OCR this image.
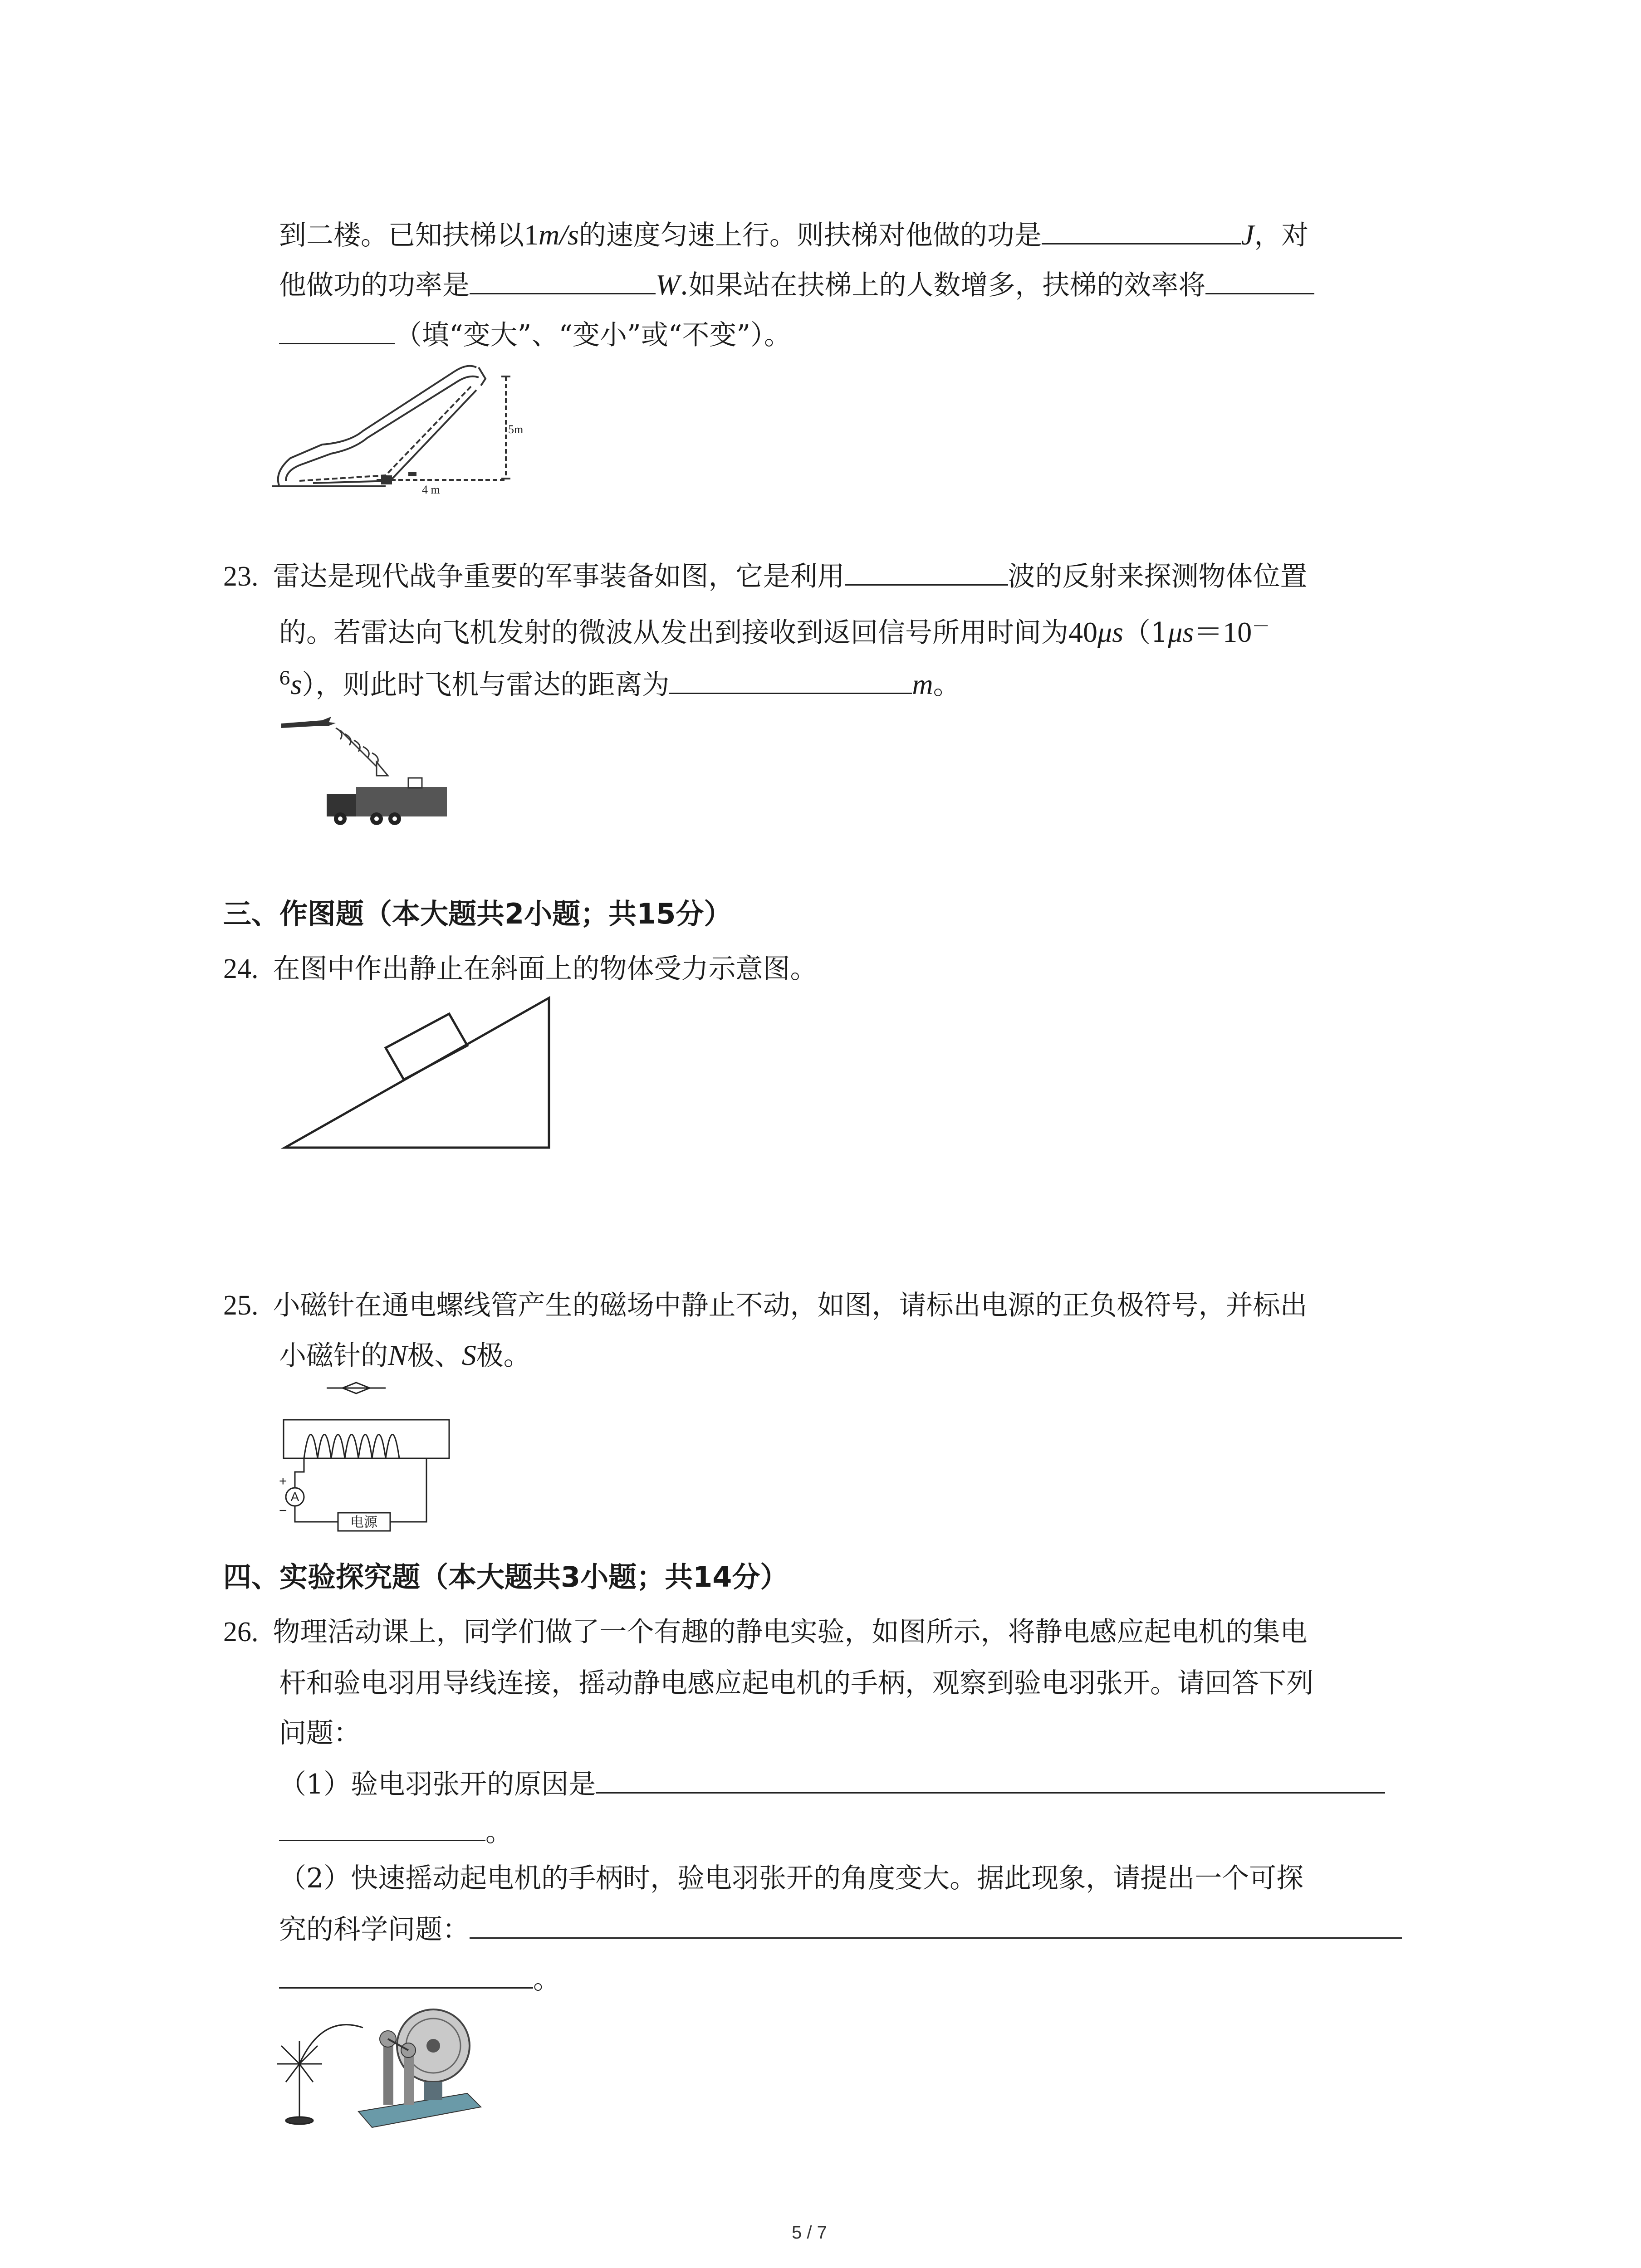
到二楼。已知扶梯以1m/s的速度匀速上行。则扶梯对他做的功是	J，对
他做功的功率是	W.如果站在扶梯上的人数增多，扶梯的效率将
（填“变大”、“变小”或“不变”）。
5m
4 m
23. 雷达是现代战争重要的军事装备如图，它是利用	波的反射来探测物体位置
的。若雷达向飞机发射的微波从发出到接收到返回信号所用时间为40μs（1μs＝10－
$^6$s），则此时飞机与雷达的距离为	m。
三、作图题（本大题共2小题；共15分）
24. 在图中作出静止在斜面上的物体受力示意图。
25. 小磁针在通电螺线管产生的磁场中静止不动，如图，请标出电源的正负极符号，并标出
小磁针的N极、S极。
A
+
−
电源
四、实验探究题（本大题共3小题；共14分）
26. 物理活动课上，同学们做了一个有趣的静电实验，如图所示，将静电感应起电机的集电
杆和验电羽用导线连接，摇动静电感应起电机的手柄，观察到验电羽张开。请回答下列
问题：
（1）验电羽张开的原因是
。
（2）快速摇动起电机的手柄时，验电羽张开的角度变大。据此现象，请提出一个可探
究的科学问题：
。
5 / 7
